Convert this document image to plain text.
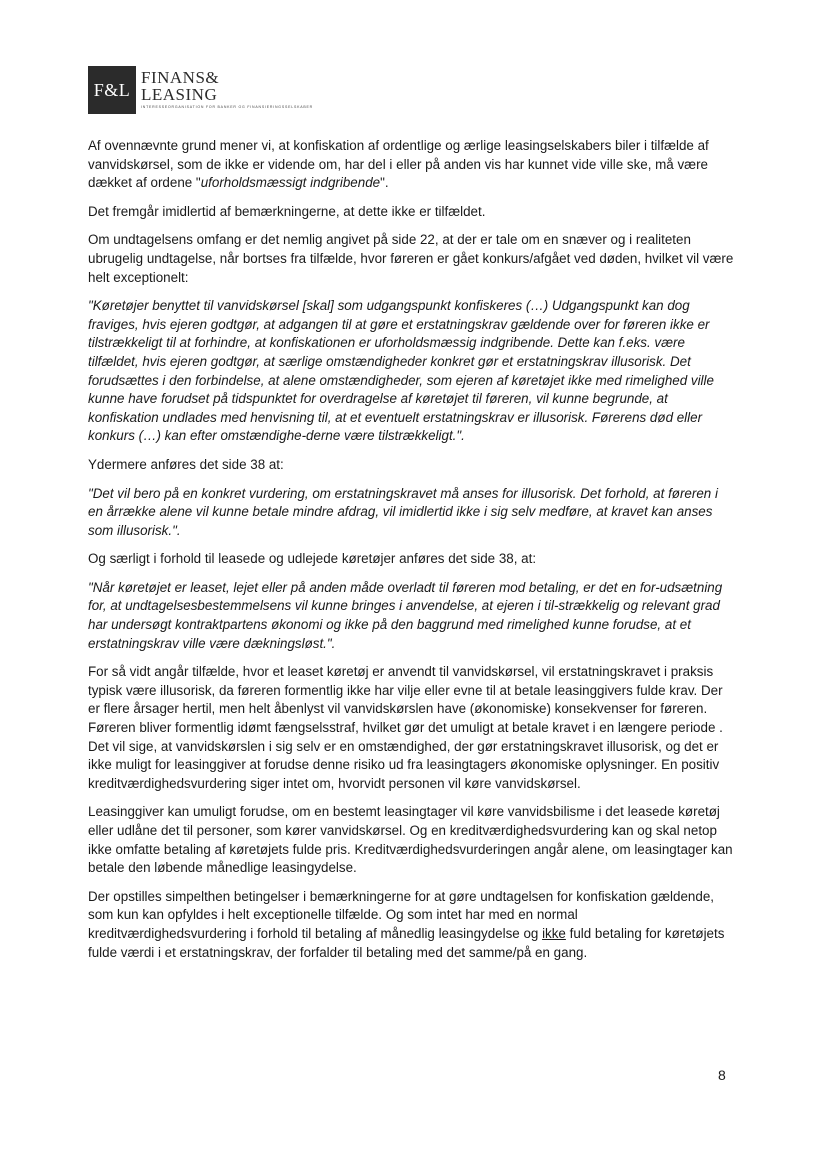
F&L
FINANS&
LEASING
INTERESSEORGANISATION FOR BANKER OG FINANSIERINGSSELSKABER

Af ovennævnte grund mener vi, at konfiskation af ordentlige og ærlige leasingselskabers biler i tilfælde af vanvidskørsel, som de ikke er vidende om, har del i eller på anden vis har kunnet vide ville ske, må være dækket af ordene "uforholdsmæssigt indgribende".

Det fremgår imidlertid af bemærkningerne, at dette ikke er tilfældet.

Om undtagelsens omfang er det nemlig angivet på side 22, at der er tale om en snæver og i realiteten ubrugelig undtagelse, når bortses fra tilfælde, hvor føreren er gået konkurs/afgået ved døden, hvilket vil være helt exceptionelt:

"Køretøjer benyttet til vanvidskørsel [skal] som udgangspunkt konfiskeres (…) Udgangspunkt kan dog fraviges, hvis ejeren godtgør, at adgangen til at gøre et erstatningskrav gældende over for føreren ikke er tilstrækkeligt til at forhindre, at konfiskationen er uforholdsmæssig indgribende. Dette kan f.eks. være tilfældet, hvis ejeren godtgør, at særlige omstændigheder konkret gør et erstatningskrav illusorisk. Det forudsættes i den forbindelse, at alene omstændigheder, som ejeren af køretøjet ikke med rimelighed ville kunne have forudset på tidspunktet for overdragelse af køretøjet til føreren, vil kunne begrunde, at konfiskation undlades med henvisning til, at et eventuelt erstatningskrav er illusorisk. Førerens død eller konkurs (…) kan efter omstændighe-derne være tilstrækkeligt.".

Ydermere anføres det side 38 at:

"Det vil bero på en konkret vurdering, om erstatningskravet må anses for illusorisk. Det forhold, at føreren i en årrække alene vil kunne betale mindre afdrag, vil imidlertid ikke i sig selv medføre, at kravet kan anses som illusorisk.".

Og særligt i forhold til leasede og udlejede køretøjer anføres det side 38, at:

"Når køretøjet er leaset, lejet eller på anden måde overladt til føreren mod betaling, er det en for-udsætning for, at undtagelsesbestemmelsens vil kunne bringes i anvendelse, at ejeren i til-strækkelig og relevant grad har undersøgt kontraktpartens økonomi og ikke på den baggrund med rimelighed kunne forudse, at et erstatningskrav ville være dækningsløst.".

For så vidt angår tilfælde, hvor et leaset køretøj er anvendt til vanvidskørsel, vil erstatningskravet i praksis typisk være illusorisk, da føreren formentlig ikke har vilje eller evne til at betale leasinggivers fulde krav. Der er flere årsager hertil, men helt åbenlyst vil vanvidskørslen have (økonomiske) konsekvenser for føreren. Føreren bliver formentlig idømt fængselsstraf, hvilket gør det umuligt at betale kravet i en længere periode . Det vil sige, at vanvidskørslen i sig selv er en omstændighed, der gør erstatningskravet illusorisk, og det er ikke muligt for leasinggiver at forudse denne risiko ud fra leasingtagers økonomiske oplysninger. En positiv kreditværdighedsvurdering siger intet om, hvorvidt personen vil køre vanvidskørsel.

Leasinggiver kan umuligt forudse, om en bestemt leasingtager vil køre vanvidsbilisme i det leasede køretøj eller udlåne det til personer, som kører vanvidskørsel. Og en kreditværdighedsvurdering kan og skal netop ikke omfatte betaling af køretøjets fulde pris. Kreditværdighedsvurderingen angår alene, om leasingtager kan betale den løbende månedlige leasingydelse.

Der opstilles simpelthen betingelser i bemærkningerne for at gøre undtagelsen for konfiskation gældende, som kun kan opfyldes i helt exceptionelle tilfælde. Og som intet har med en normal kreditværdighedsvurdering i forhold til betaling af månedlig leasingydelse og ikke fuld betaling for køretøjets fulde værdi i et erstatningskrav, der forfalder til betaling med det samme/på en gang.

8
